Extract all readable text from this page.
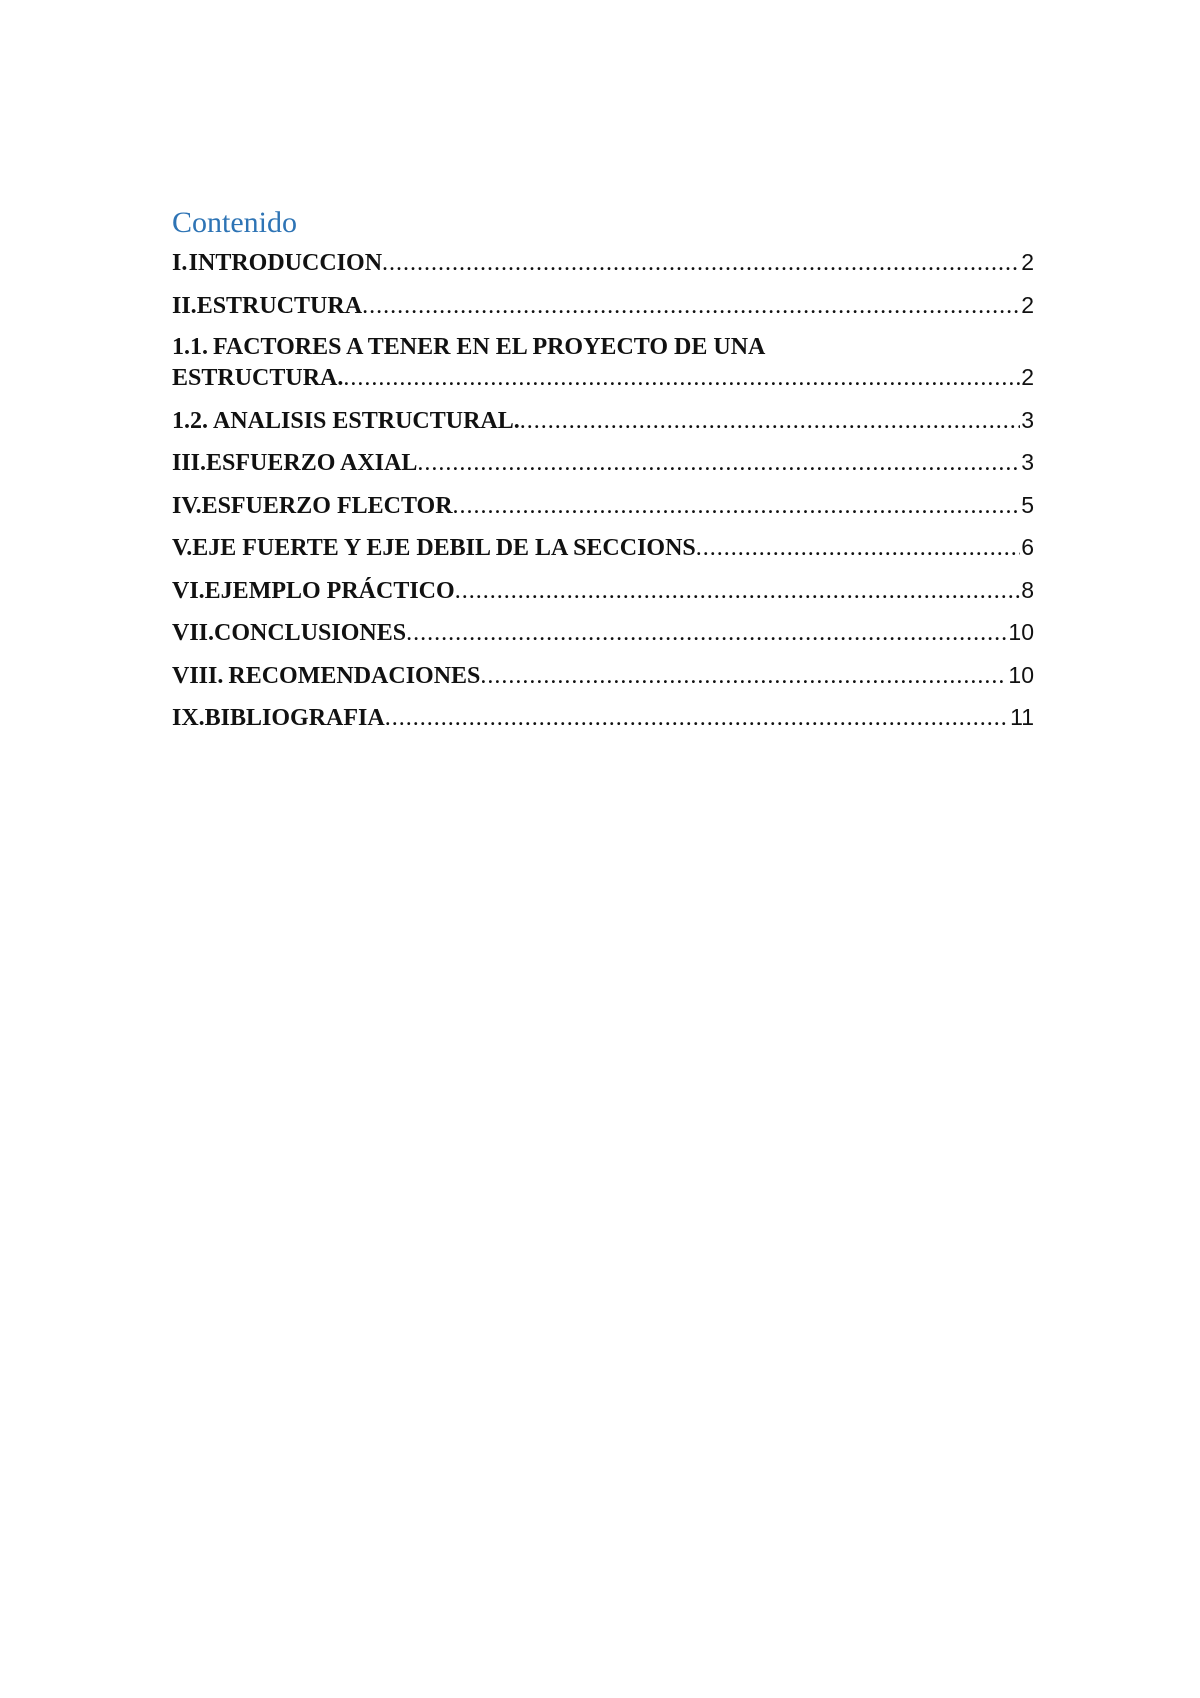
Contenido
I. INTRODUCCION .....	2
II. ESTRUCTURA .....	2
1.1. FACTORES A TENER EN EL PROYECTO DE UNA
ESTRUCTURA. .....	2
1.2. ANALISIS ESTRUCTURAL. .....	3
III. ESFUERZO AXIAL .....	3
IV. ESFUERZO FLECTOR .....	5
V. EJE FUERTE Y EJE DEBIL DE LA SECCIONS .....	6
VI. EJEMPLO PRÁCTICO .....	8
VII. CONCLUSIONES .....	10
VIII. RECOMENDACIONES .....	10
IX. BIBLIOGRAFIA .....	11
